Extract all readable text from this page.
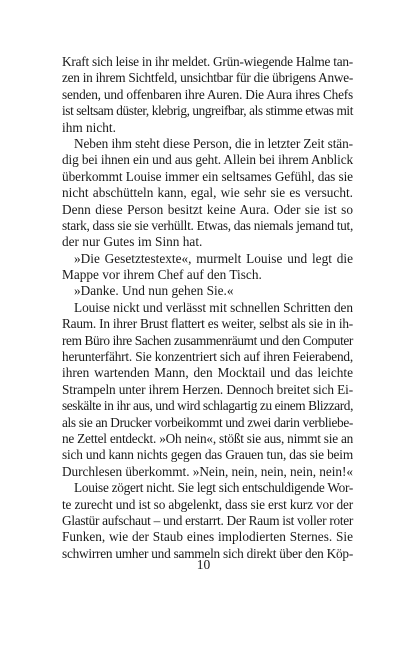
Kraft sich leise in ihr meldet. Grün-wiegende Halme tan-
zen in ihrem Sichtfeld, unsichtbar für die übrigens Anwe-
senden, und offenbaren ihre Auren. Die Aura ihres Chefs
ist seltsam düster, klebrig, ungreifbar, als stimme etwas mit
ihm nicht.
Neben ihm steht diese Person, die in letzter Zeit stän-
dig bei ihnen ein und aus geht. Allein bei ihrem Anblick
überkommt Louise immer ein seltsames Gefühl, das sie
nicht abschütteln kann, egal, wie sehr sie es versucht.
Denn diese Person besitzt keine Aura. Oder sie ist so
stark, dass sie sie verhüllt. Etwas, das niemals jemand tut,
der nur Gutes im Sinn hat.
»Die Gesetztestexte«, murmelt Louise und legt die
Mappe vor ihrem Chef auf den Tisch.
»Danke. Und nun gehen Sie.«
Louise nickt und verlässt mit schnellen Schritten den
Raum. In ihrer Brust flattert es weiter, selbst als sie in ih-
rem Büro ihre Sachen zusammenräumt und den Computer
herunterfährt. Sie konzentriert sich auf ihren Feierabend,
ihren wartenden Mann, den Mocktail und das leichte
Strampeln unter ihrem Herzen. Dennoch breitet sich Ei-
seskälte in ihr aus, und wird schlagartig zu einem Blizzard,
als sie an Drucker vorbeikommt und zwei darin verbliebe-
ne Zettel entdeckt. »Oh nein«, stößt sie aus, nimmt sie an
sich und kann nichts gegen das Grauen tun, das sie beim
Durchlesen überkommt. »Nein, nein, nein, nein, nein!«
Louise zögert nicht. Sie legt sich entschuldigende Wor-
te zurecht und ist so abgelenkt, dass sie erst kurz vor der
Glastür aufschaut – und erstarrt. Der Raum ist voller roter
Funken, wie der Staub eines implodierten Sternes. Sie
schwirren umher und sammeln sich direkt über den Köp-
10
